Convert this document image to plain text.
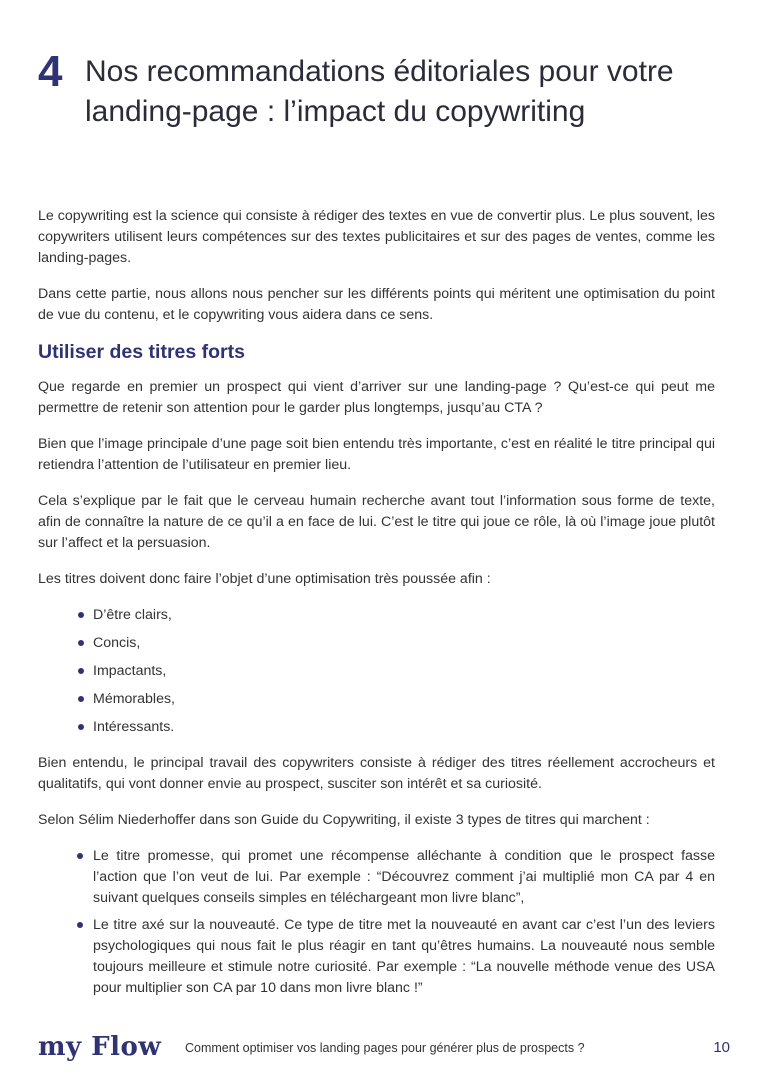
4 Nos recommandations éditoriales pour votre landing-page : l’impact du copywriting

Le copywriting est la science qui consiste à rédiger des textes en vue de convertir plus. Le plus souvent, les copywriters utilisent leurs compétences sur des textes publicitaires et sur des pages de ventes, comme les landing-pages.

Dans cette partie, nous allons nous pencher sur les différents points qui méritent une optimisation du point de vue du contenu, et le copywriting vous aidera dans ce sens.

Utiliser des titres forts

Que regarde en premier un prospect qui vient d’arriver sur une landing-page ? Qu’est-ce qui peut me permettre de retenir son attention pour le garder plus longtemps, jusqu’au CTA ?

Bien que l’image principale d’une page soit bien entendu très importante, c’est en réalité le titre principal qui retiendra l’attention de l’utilisateur en premier lieu.

Cela s’explique par le fait que le cerveau humain recherche avant tout l’information sous forme de texte, afin de connaître la nature de ce qu’il a en face de lui. C’est le titre qui joue ce rôle, là où l’image joue plutôt sur l’affect et la persuasion.

Les titres doivent donc faire l’objet d’une optimisation très poussée afin :

D’être clairs,
Concis,
Impactants,
Mémorables,
Intéressants.

Bien entendu, le principal travail des copywriters consiste à rédiger des titres réellement accrocheurs et qualitatifs, qui vont donner envie au prospect, susciter son intérêt et sa curiosité.

Selon Sélim Niederhoffer dans son Guide du Copywriting, il existe 3 types de titres qui marchent :

Le titre promesse, qui promet une récompense alléchante à condition que le prospect fasse l’action que l’on veut de lui. Par exemple : “Découvrez comment j’ai multiplié mon CA par 4 en suivant quelques conseils simples en téléchargeant mon livre blanc”,
Le titre axé sur la nouveauté. Ce type de titre met la nouveauté en avant car c’est l’un des leviers psychologiques qui nous fait le plus réagir en tant qu’êtres humains. La nouveauté nous semble toujours meilleure et stimule notre curiosité. Par exemple : “La nouvelle méthode venue des USA pour multiplier son CA par 10 dans mon livre blanc !”
my Flow Comment optimiser vos landing pages pour générer plus de prospects ?	10
